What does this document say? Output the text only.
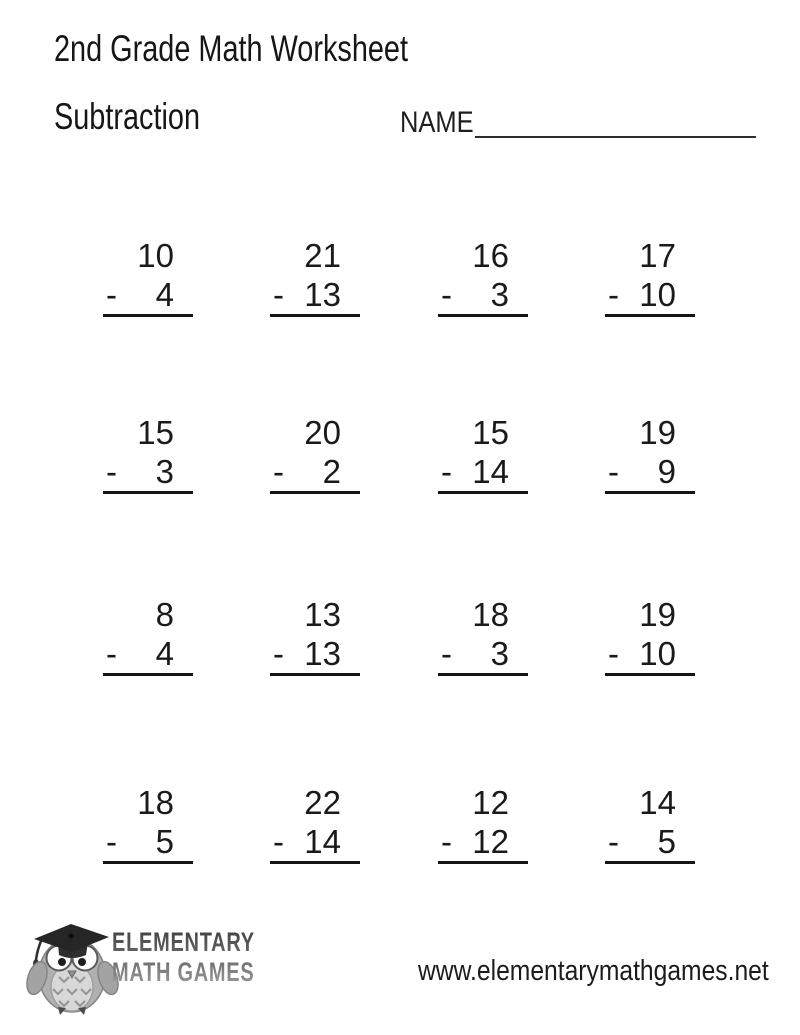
2nd Grade Math Worksheet
Subtraction	NAME
10
- 4
21
- 13
16
- 3
17
- 10
15
- 3
20
- 2
15
- 14
19
- 9
8
- 4
13
- 13
18
- 3
19
- 10
18
- 5
22
- 14
12
- 12
14
- 5
ELEMENTARY
MATH GAMES	www.elementarymathgames.net
